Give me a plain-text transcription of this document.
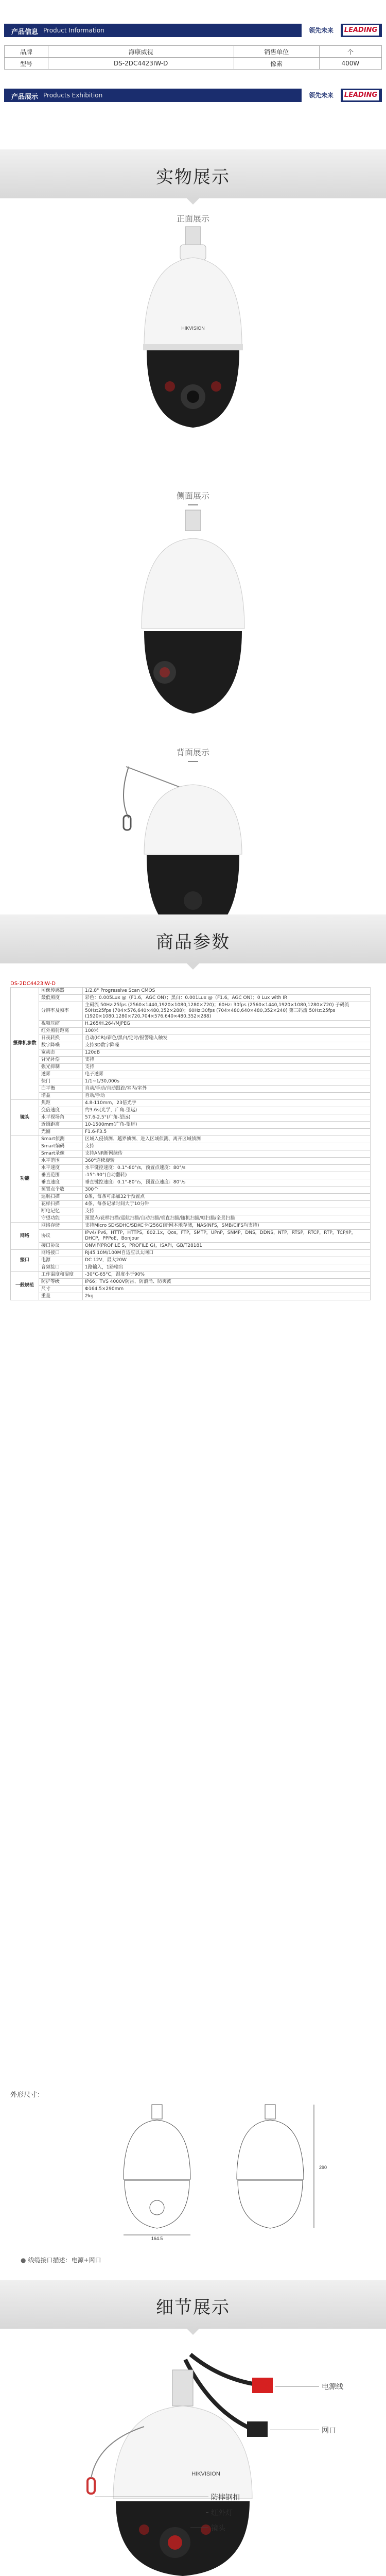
产品信息 Product Information	领先未来	LEADING
品牌	海康威视	销售单位	个
型号	DS-2DC4423IW-D	像素	400W
产品展示 Products Exhibition	领先未来	LEADING
实物展示
正面展示
HIKVISION
侧面展示
背面展示
商品参数
DS-2DC4423IW-D
摄像机参数	图像传感器	1/2.8" Progressive Scan CMOS
	最低照度	彩色：0.005Lux @（F1.6，AGC ON）；黑白：0.001Lux @（F1.6，AGC ON）；0 Lux with IR
	分辨率及帧率	主码流 50Hz:25fps (2560×1440,1920×1080,1280×720)；60Hz: 30fps (2560×1440,1920×1080,1280×720) 子码流 50Hz:25fps (704×576,640×480,352×288)；60Hz:30fps (704×480,640×480,352×240) 第三码流 50Hz:25fps (1920×1080,1280×720,704×576,640×480,352×288)
	视频压缩	H.265/H.264/MJPEG
	红外照射距离	100米
	日夜转换	自动(ICR)/彩色/黑白/定时/报警输入触发
	数字降噪	支持3D数字降噪
	宽动态	120dB
	背光补偿	支持
	强光抑制	支持
	透雾	电子透雾
	快门	1/1~1/30,000s
	白平衡	自动/手动/自动跟踪/室内/室外
	增益	自动/手动
镜头	焦距	4.8-110mm，23倍光学
	变倍速度	约3.6s(光学，广角-望远)
	水平视场角	57.6-2.5°(广角-望远)
	近摄距离	10-1500mm(广角-望远)
	光圈	F1.6-F3.5
功能	Smart侦测	区域入侵侦测、越界侦测、进入区域侦测、离开区域侦测
	Smart编码	支持
	Smart录像	支持ANR断网续传
	水平范围	360°连续旋转
	水平速度	水平键控速度：0.1°-80°/s，预置点速度：80°/s
	垂直范围	-15°-90°(自动翻转)
	垂直速度	垂直键控速度：0.1°-80°/s，预置点速度：80°/s
	预置点个数	300个
	巡航扫描	8条，每条可添加32个预置点
	花样扫描	4条，每条记录时间大于10分钟
	断电记忆	支持
	守望功能	预置点/花样扫描/巡航扫描/自动扫描/垂直扫描/随机扫描/帧扫描/全景扫描
网络	网络存储	支持Micro SD/SDHC/SDXC卡(256G)断网本地存储，NAS(NFS，SMB/CIFS均支持)
	协议	IPv4/IPv6，HTTP，HTTPS，802.1x，Qos，FTP，SMTP，UPnP，SNMP，DNS，DDNS，NTP，RTSP，RTCP，RTP，TCP/IP，DHCP，PPPoE，Bonjour
	接口协议	ONVIF(PROFILE S，PROFILE G)，ISAPI，GB/T28181
接口	网络接口	RJ45 10M/100M自适应以太网口
	电源	DC 12V，最大20W
	音频接口	1路输入，1路输出
一般规范	工作温度和湿度	-30°C-65°C，湿度小于90%
	防护等级	IP66；TVS 4000V防雷、防浪涌、防突波
	尺寸	Φ164.5×290mm
	重量	2kg
外形尺寸：
164.5
290
● 线缆接口描述：电源+网口
细节展示
HIKVISION
电源线
网口
防摔钢扣
红外灯
镜头
